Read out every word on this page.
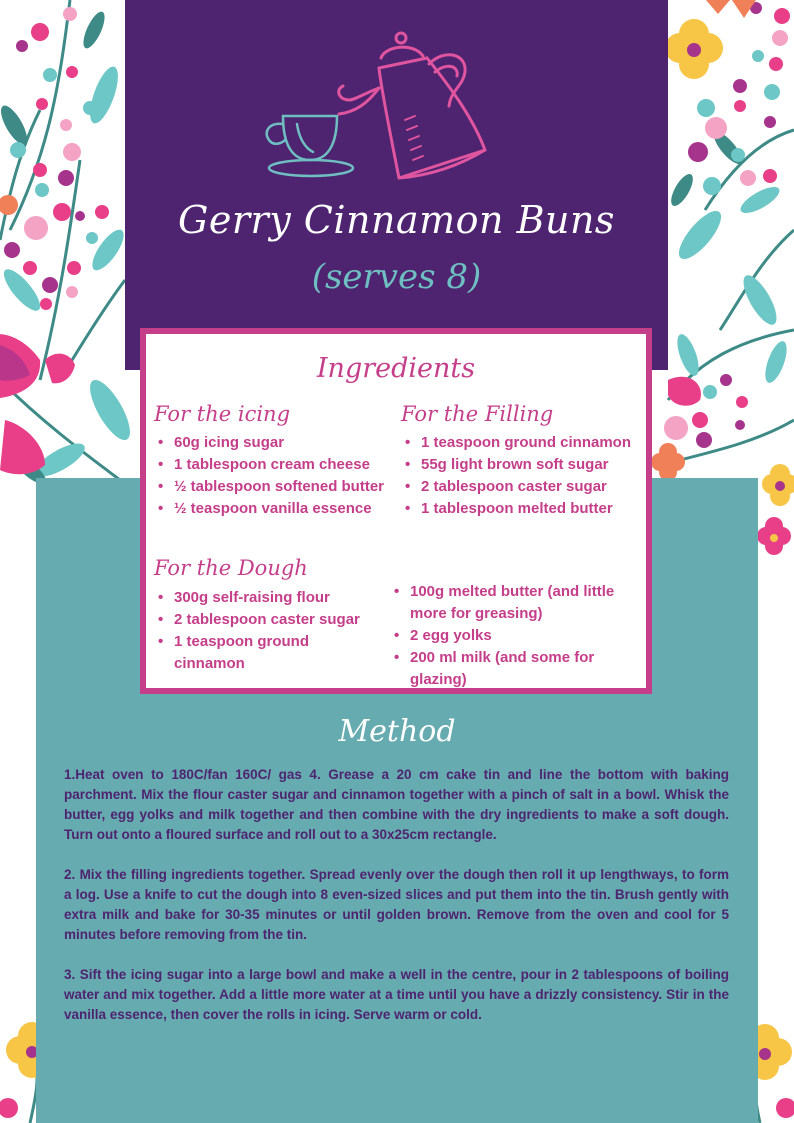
Gerry Cinnamon Buns
(serves 8)
Ingredients
For the icing
• 60g icing sugar
• 1 tablespoon cream cheese
• ½ tablespoon softened butter
• ½ teaspoon vanilla essence
For the Filling
• 1 teaspoon ground cinnamon
• 55g light brown soft sugar
• 2 tablespoon caster sugar
• 1 tablespoon melted butter
For the Dough
• 300g self-raising flour
• 2 tablespoon caster sugar
• 1 teaspoon ground cinnamon
• 100g melted butter (and little more for greasing)
• 2 egg yolks
• 200 ml milk (and some for glazing)
Method

1.Heat oven to 180C/fan 160C/ gas 4. Grease a 20 cm cake tin and line the bottom with baking parchment. Mix the flour caster sugar and cinnamon together with a pinch of salt in a bowl. Whisk the butter, egg yolks and milk together and then combine with the dry ingredients to make a soft dough. Turn out onto a floured surface and roll out to a 30x25cm rectangle.

2. Mix the filling ingredients together. Spread evenly over the dough then roll it up lengthways, to form a log. Use a knife to cut the dough into 8 even-sized slices and put them into the tin. Brush gently with extra milk and bake for 30-35 minutes or until golden brown. Remove from the oven and cool for 5 minutes before removing from the tin.

3. Sift the icing sugar into a large bowl and make a well in the centre, pour in 2 tablespoons of boiling water and mix together. Add a little more water at a time until you have a drizzly consistency. Stir in the vanilla essence, then cover the rolls in icing. Serve warm or cold.
